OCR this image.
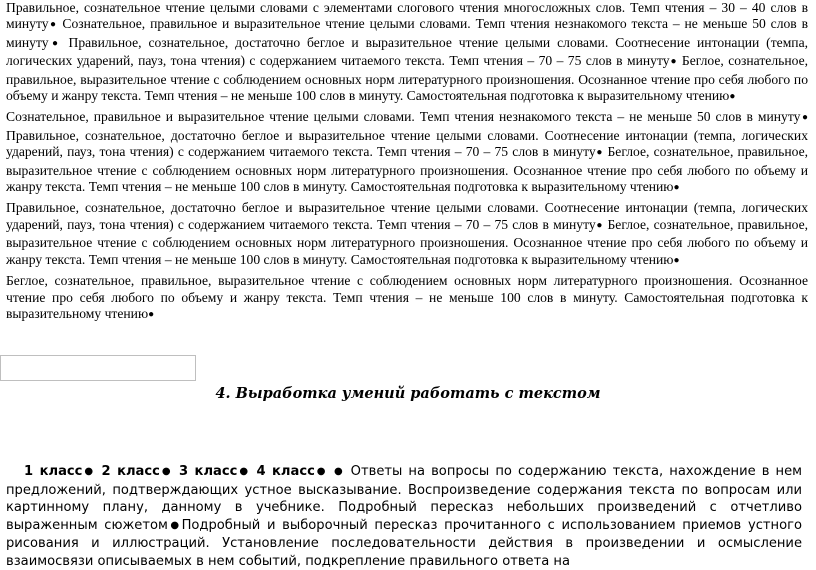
Правильное, сознательное чтение целыми словами с элементами слогового чтения многосложных слов. Темп чтения – 30 – 40 слов в минуту● Сознательное, правильное и выразительное чтение целыми словами. Темп чтения незнакомого текста – не меньше 50 слов в минуту● Правильное, сознательное, достаточно беглое и выразительное чтение целыми словами. Соотнесение интонации (темпа, логических ударений, пауз, тона чтения) с содержанием читаемого текста. Темп чтения – 70 – 75 слов в минуту● Беглое, сознательное, правильное, выразительное чтение с соблюдением основных норм литературного произношения. Осознанное чтение про себя любого по объему и жанру текста. Темп чтения – не меньше 100 слов в минуту. Самостоятельная подготовка к выразительному чтению●

Сознательное, правильное и выразительное чтение целыми словами. Темп чтения незнакомого текста – не меньше 50 слов в минуту● Правильное, сознательное, достаточно беглое и выразительное чтение целыми словами. Соотнесение интонации (темпа, логических ударений, пауз, тона чтения) с содержанием читаемого текста. Темп чтения – 70 – 75 слов в минуту● Беглое, сознательное, правильное, выразительное чтение с соблюдением основных норм литературного произношения. Осознанное чтение про себя любого по объему и жанру текста. Темп чтения – не меньше 100 слов в минуту. Самостоятельная подготовка к выразительному чтению●

Правильное, сознательное, достаточно беглое и выразительное чтение целыми словами. Соотнесение интонации (темпа, логических ударений, пауз, тона чтения) с содержанием читаемого текста. Темп чтения – 70 – 75 слов в минуту● Беглое, сознательное, правильное, выразительное чтение с соблюдением основных норм литературного произношения. Осознанное чтение про себя любого по объему и жанру текста. Темп чтения – не меньше 100 слов в минуту. Самостоятельная подготовка к выразительному чтению●

Беглое, сознательное, правильное, выразительное чтение с соблюдением основных норм литературного произношения. Осознанное чтение про себя любого по объему и жанру текста. Темп чтения – не меньше 100 слов в минуту. Самостоятельная подготовка к выразительному чтению●

4. Выработка умений работать с текстом

1 класс● 2 класс● 3 класс● 4 класс● ● Ответы на вопросы по содержанию текста, нахождение в нем предложений, подтверждающих устное высказывание. Воспроизведение содержания текста по вопросам или картинному плану, данному в учебнике. Подробный пересказ небольших произведений с отчетливо выраженным сюжетом●Подробный и выборочный пересказ прочитанного с использованием приемов устного рисования и иллюстраций. Установление последовательности действия в произведении и осмысление взаимосвязи описываемых в нем событий, подкрепление правильного ответа на
